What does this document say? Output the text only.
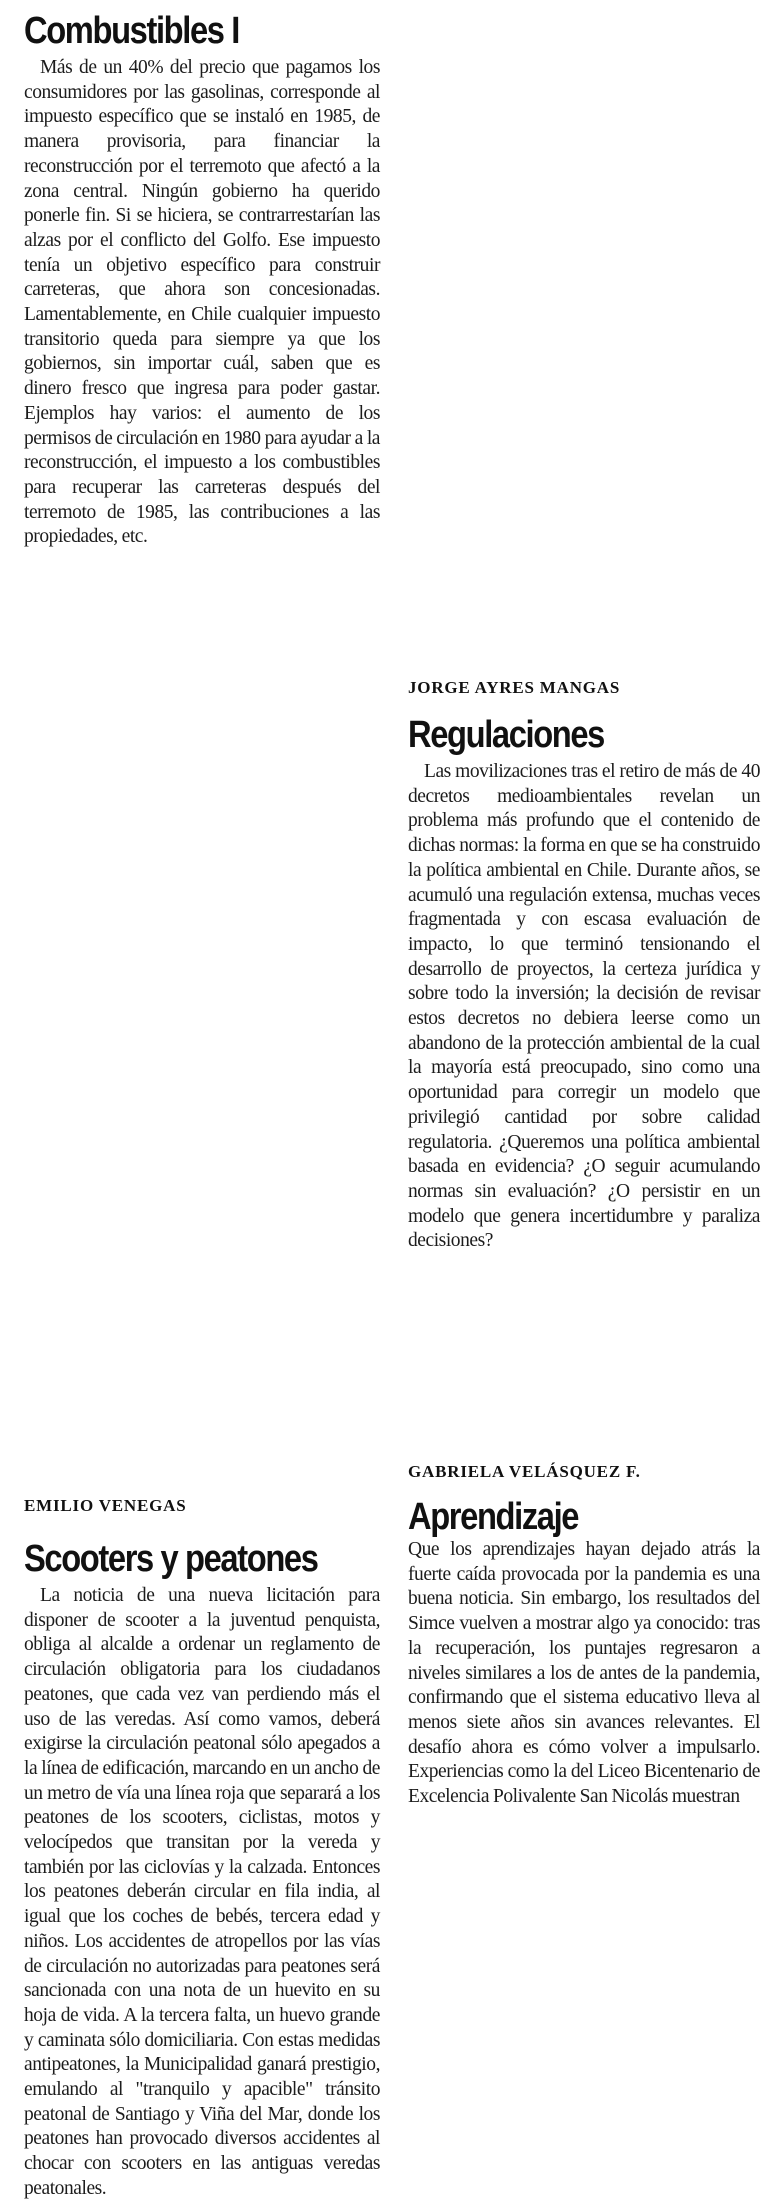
Combustibles I

Más de un 40% del precio que pagamos los consumidores por las gasolinas, corresponde al impuesto específico que se instaló en 1985, de manera provisoria, para financiar la reconstrucción por el terremoto que afectó a la zona central. Ningún gobierno ha querido ponerle fin. Si se hiciera, se contrarrestarían las alzas por el conflicto del Golfo. Ese impuesto tenía un objetivo específico para construir carreteras, que ahora son concesionadas. Lamentablemente, en Chile cualquier impuesto transitorio queda para siempre ya que los gobiernos, sin importar cuál, saben que es dinero fresco que ingresa para poder gastar. Ejemplos hay varios: el aumento de los permisos de circulación en 1980 para ayudar a la reconstrucción, el impuesto a los combustibles para recuperar las carreteras después del terremoto de 1985, las contribuciones a las propiedades, etc.

EMILIO VENEGAS
Scooters y peatones

La noticia de una nueva licitación para disponer de scooter a la juventud penquista, obliga al alcalde a ordenar un reglamento de circulación obligatoria para los ciudadanos peatones, que cada vez van perdiendo más el uso de las veredas. Así como vamos, deberá exigirse la circulación peatonal sólo apegados a la línea de edificación, marcando en un ancho de un metro de vía una línea roja que separará a los peatones de los scooters, ciclistas, motos y velocípedos que transitan por la vereda y también por las ciclovías y la calzada. Entonces los peatones deberán circular en fila india, al igual que los coches de bebés, tercera edad y niños. Los accidentes de atropellos por las vías de circulación no autorizadas para peatones será sancionada con una nota de un huevito en su hoja de vida. A la tercera falta, un huevo grande y caminata sólo domiciliaria. Con estas medidas antipeatones, la Municipalidad ganará prestigio, emulando al "tranquilo y apacible" tránsito peatonal de Santiago y Viña del Mar, donde los peatones han provocado diversos accidentes al chocar con scooters en las antiguas veredas peatonales.

JORGE AYRES MANGAS
Regulaciones

Las movilizaciones tras el retiro de más de 40 decretos medioambientales revelan un problema más profundo que el contenido de dichas normas: la forma en que se ha construido la política ambiental en Chile. Durante años, se acumuló una regulación extensa, muchas veces fragmentada y con escasa evaluación de impacto, lo que terminó tensionando el desarrollo de proyectos, la certeza jurídica y sobre todo la inversión; la decisión de revisar estos decretos no debiera leerse como un abandono de la protección ambiental de la cual la mayoría está preocupado, sino como una oportunidad para corregir un modelo que privilegió cantidad por sobre calidad regulatoria. ¿Queremos una política ambiental basada en evidencia? ¿O seguir acumulando normas sin evaluación? ¿O persistir en un modelo que genera incertidumbre y paraliza decisiones?

GABRIELA VELÁSQUEZ F.
Aprendizaje

Que los aprendizajes hayan dejado atrás la fuerte caída provocada por la pandemia es una buena noticia. Sin embargo, los resultados del Simce vuelven a mostrar algo ya conocido: tras la recuperación, los puntajes regresaron a niveles similares a los de antes de la pandemia, confirmando que el sistema educativo lleva al menos siete años sin avances relevantes. El desafío ahora es cómo volver a impulsarlo. Experiencias como la del Liceo Bicentenario de Excelencia Polivalente San Nicolás muestran
